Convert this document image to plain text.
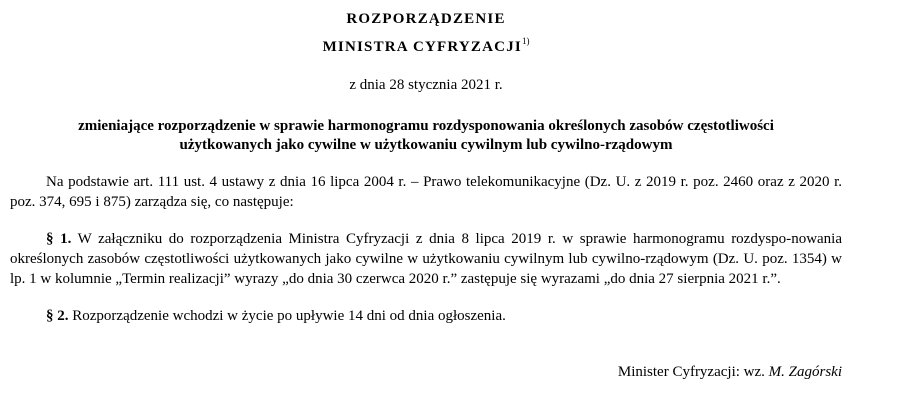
ROZPORZĄDZENIE
MINISTRA CYFRYZACJI$^{1)}$
z dnia 28 stycznia 2021 r.
zmieniające rozporządzenie w sprawie harmonogramu rozdysponowania określonych zasobów częstotliwości
użytkowanych jako cywilne w użytkowaniu cywilnym lub cywilno-rządowym
Na podstawie art. 111 ust. 4 ustawy z dnia 16 lipca 2004 r. – Prawo telekomunikacyjne (Dz. U. z 2019 r. poz. 2460 oraz z 2020 r. poz. 374, 695 i 875) zarządza się, co następuje:
§ 1. W załączniku do rozporządzenia Ministra Cyfryzacji z dnia 8 lipca 2019 r. w sprawie harmonogramu rozdyspo-nowania określonych zasobów częstotliwości użytkowanych jako cywilne w użytkowaniu cywilnym lub cywilno-rządowym (Dz. U. poz. 1354) w lp. 1 w kolumnie „Termin realizacji” wyrazy „do dnia 30 czerwca 2020 r.” zastępuje się wyrazami „do dnia 27 sierpnia 2021 r.”.
§ 2. Rozporządzenie wchodzi w życie po upływie 14 dni od dnia ogłoszenia.
Minister Cyfryzacji: wz. M. Zagórski
